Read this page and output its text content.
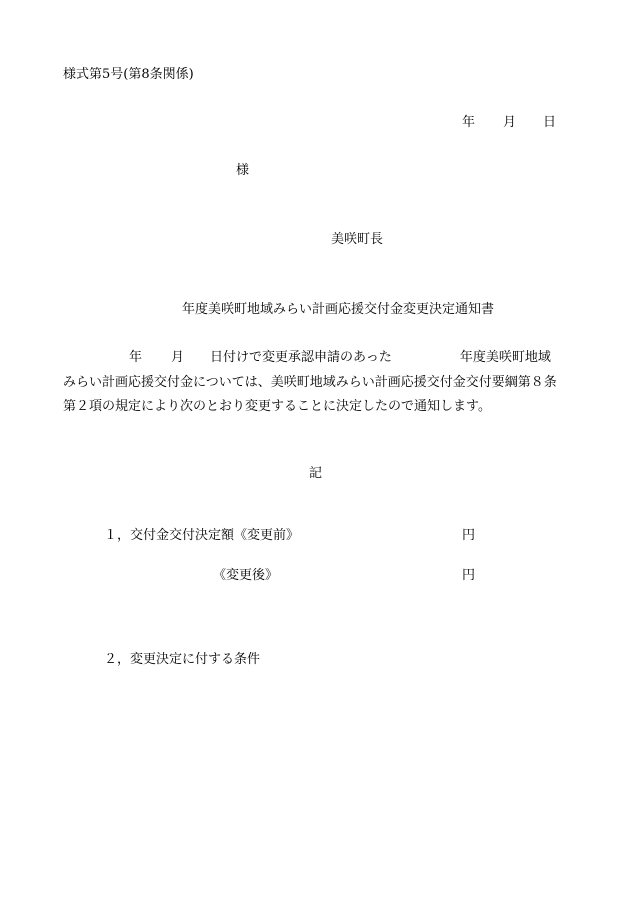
様式第5号(第8条関係)
年 月 日
様
美咲町長
年度美咲町地域みらい計画応援交付金変更決定通知書
年 月 日付けで変更承認申請のあった	年度美咲町地域
みらい計画応援交付金については、美咲町地域みらい計画応援交付金交付要綱第８条
第２項の規定により次のとおり変更することに決定したので通知します。
記
１，交付金交付決定額《変更前》	円
《変更後》	円
２，変更決定に付する条件
